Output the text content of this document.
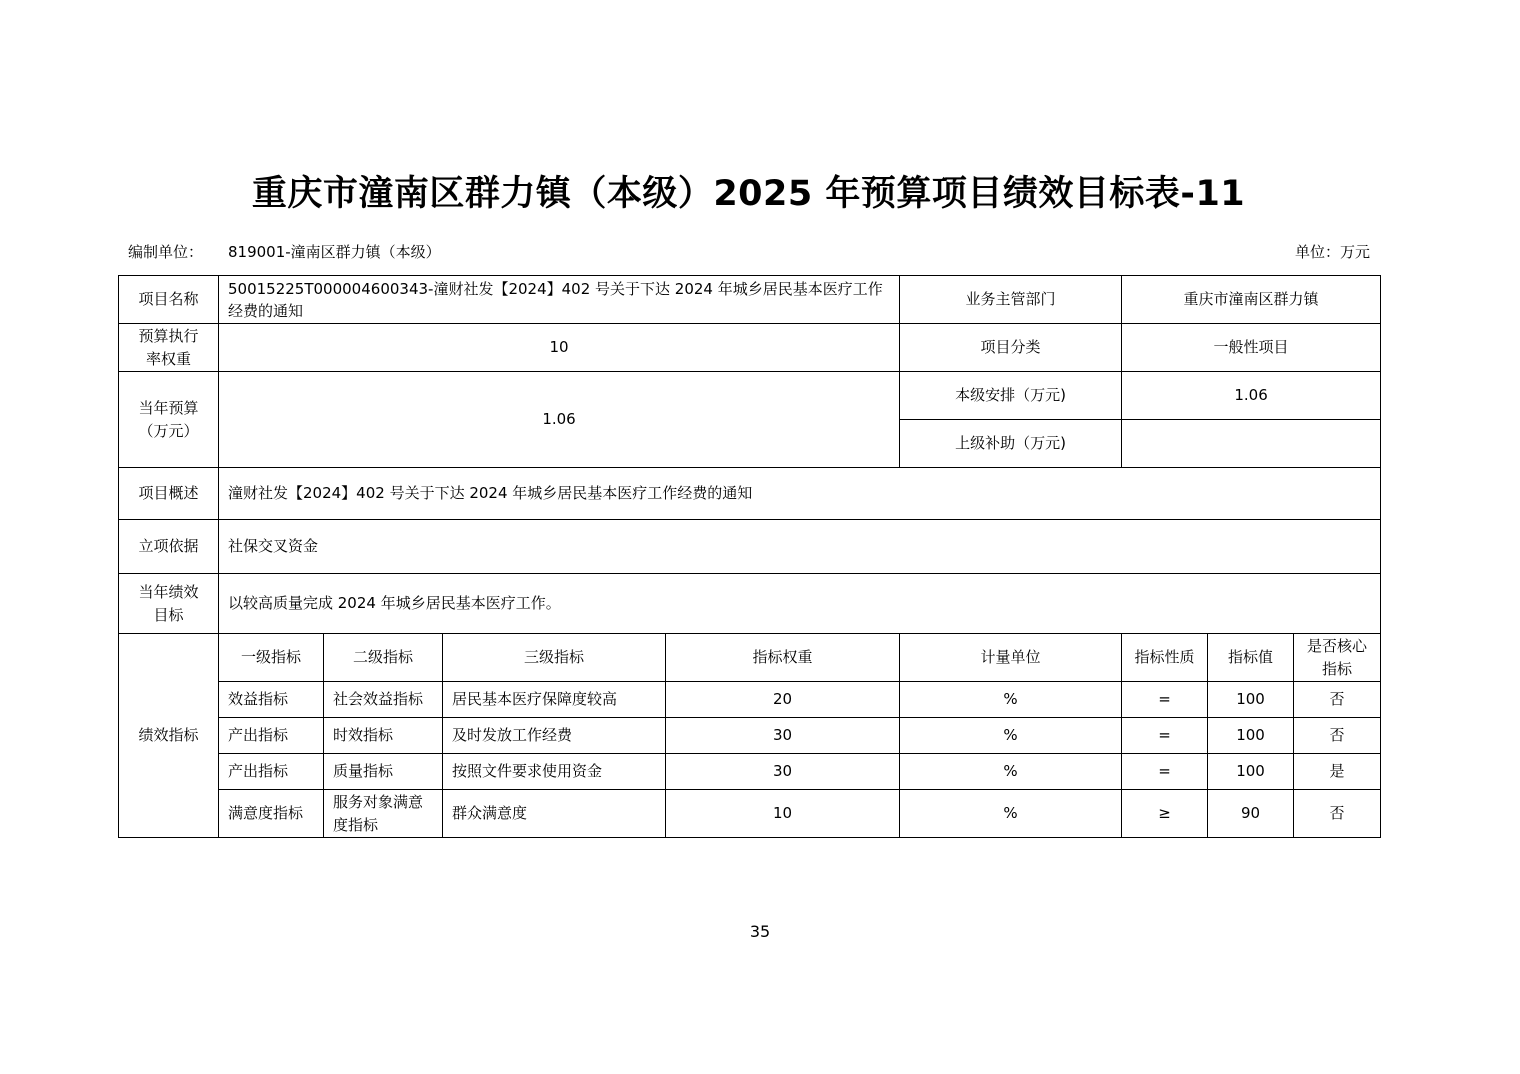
重庆市潼南区群力镇（本级）2025 年预算项目绩效目标表-11
编制单位： 819001-潼南区群力镇（本级）	单位：万元
项目名称	50015225T000004600343-潼财社发【2024】402 号关于下达 2024 年城乡居民基本医疗工作经费的通知				业务主管部门	重庆市潼南区群力镇		
预算执行率权重	10				项目分类	一般性项目		
当年预算（万元）	1.06				本级安排（万元)	1.06		
					上级补助（万元)			
项目概述	潼财社发【2024】402 号关于下达 2024 年城乡居民基本医疗工作经费的通知							
立项依据	社保交叉资金							
当年绩效目标	以较高质量完成 2024 年城乡居民基本医疗工作。							
绩效指标	一级指标	二级指标	三级指标	指标权重	计量单位	指标性质	指标值	是否核心指标
	效益指标	社会效益指标	居民基本医疗保障度较高	20	%	=	100	否
	产出指标	时效指标	及时发放工作经费	30	%	=	100	否
	产出指标	质量指标	按照文件要求使用资金	30	%	=	100	是
	满意度指标	服务对象满意度指标	群众满意度	10	%	≥	90	否
35
